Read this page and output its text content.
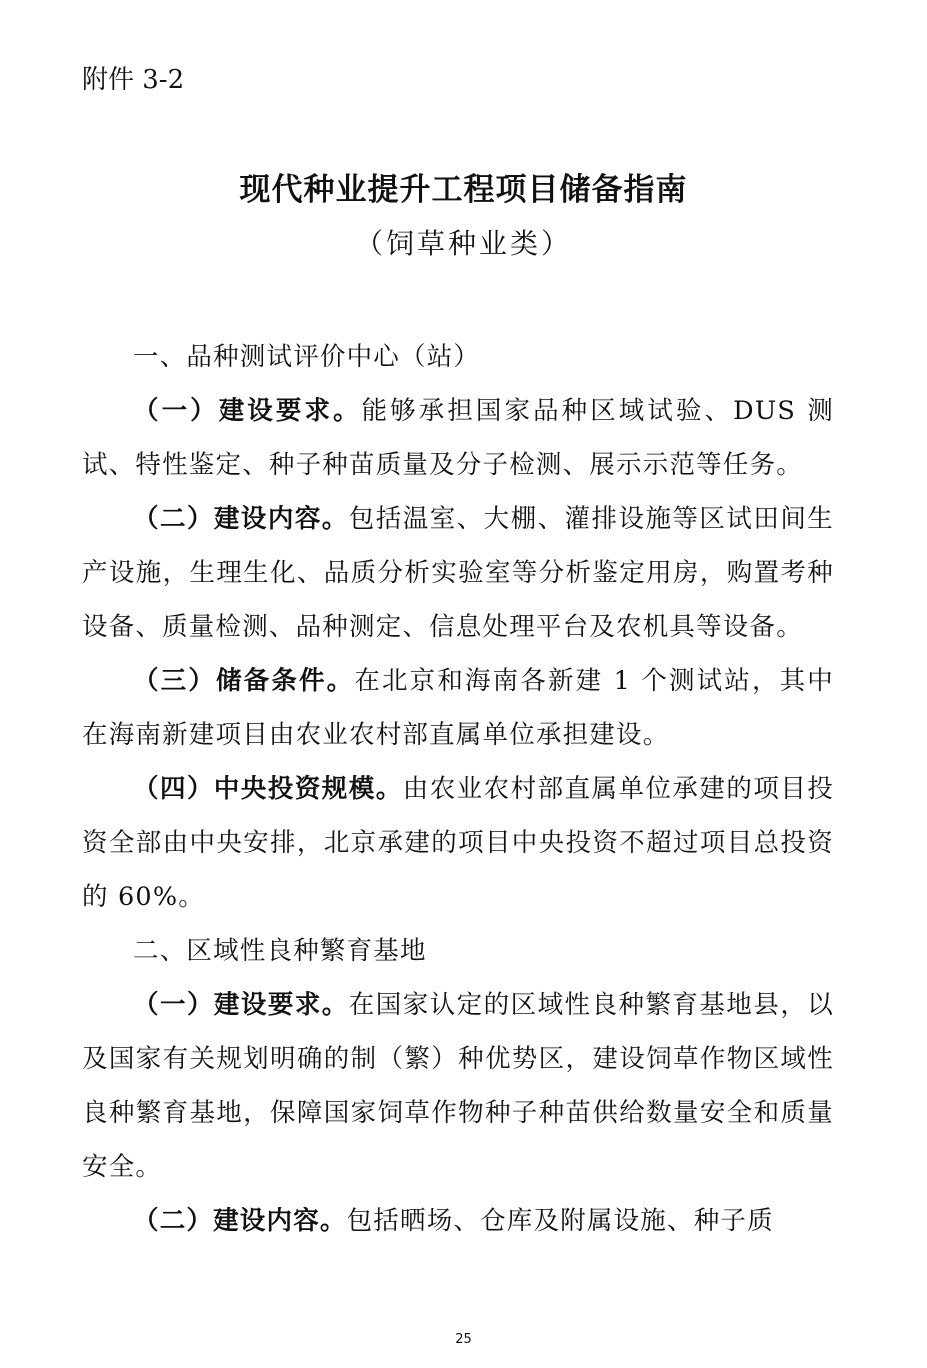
附件 3-2
现代种业提升工程项目储备指南
（饲草种业类）

一、品种测试评价中心（站）

（一）建设要求。能够承担国家品种区域试验、DUS 测试、特性鉴定、种子种苗质量及分子检测、展示示范等任务。

（二）建设内容。包括温室、大棚、灌排设施等区试田间生产设施，生理生化、品质分析实验室等分析鉴定用房，购置考种设备、质量检测、品种测定、信息处理平台及农机具等设备。

（三）储备条件。在北京和海南各新建 1 个测试站，其中在海南新建项目由农业农村部直属单位承担建设。

（四）中央投资规模。由农业农村部直属单位承建的项目投资全部由中央安排，北京承建的项目中央投资不超过项目总投资的 60%。

二、区域性良种繁育基地

（一）建设要求。在国家认定的区域性良种繁育基地县，以及国家有关规划明确的制（繁）种优势区，建设饲草作物区域性良种繁育基地，保障国家饲草作物种子种苗供给数量安全和质量安全。

（二）建设内容。包括晒场、仓库及附属设施、种子质

25
